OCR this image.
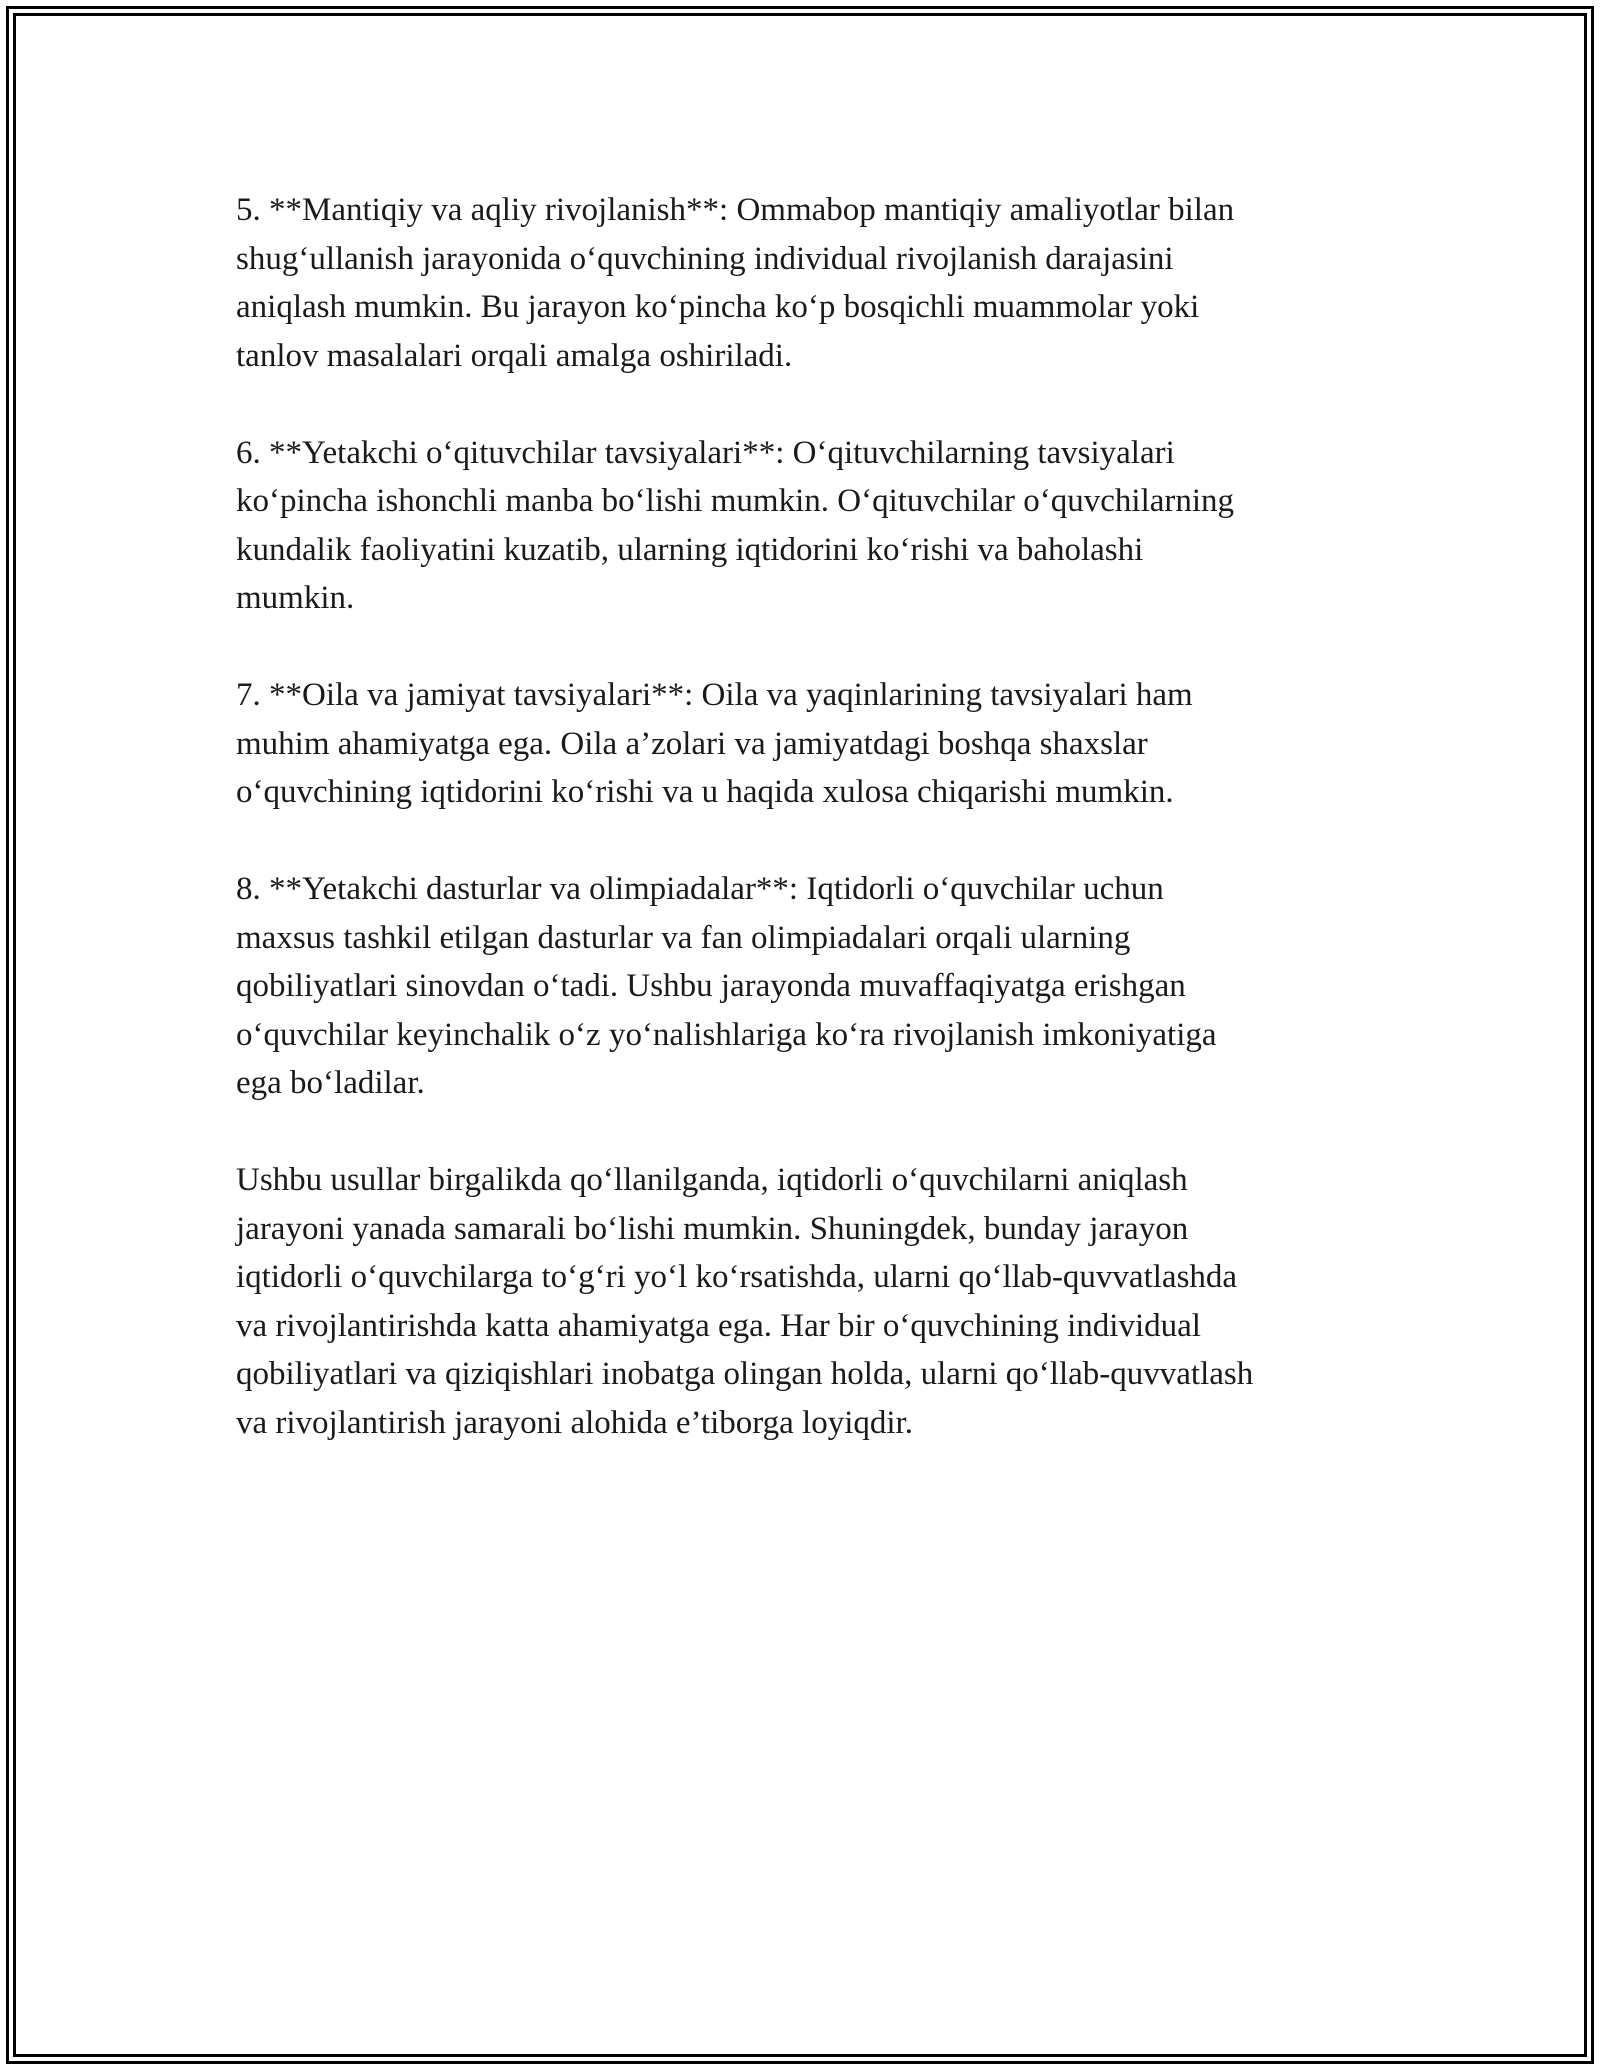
5. **Mantiqiy va aqliy rivojlanish**: Ommabop mantiqiy amaliyotlar bilan
shug‘ullanish jarayonida o‘quvchining individual rivojlanish darajasini
aniqlash mumkin. Bu jarayon ko‘pincha ko‘p bosqichli muammolar yoki
tanlov masalalari orqali amalga oshiriladi.

6. **Yetakchi o‘qituvchilar tavsiyalari**: O‘qituvchilarning tavsiyalari
ko‘pincha ishonchli manba bo‘lishi mumkin. O‘qituvchilar o‘quvchilarning
kundalik faoliyatini kuzatib, ularning iqtidorini ko‘rishi va baholashi
mumkin.

7. **Oila va jamiyat tavsiyalari**: Oila va yaqinlarining tavsiyalari ham
muhim ahamiyatga ega. Oila a’zolari va jamiyatdagi boshqa shaxslar
o‘quvchining iqtidorini ko‘rishi va u haqida xulosa chiqarishi mumkin.

8. **Yetakchi dasturlar va olimpiadalar**: Iqtidorli o‘quvchilar uchun
maxsus tashkil etilgan dasturlar va fan olimpiadalari orqali ularning
qobiliyatlari sinovdan o‘tadi. Ushbu jarayonda muvaffaqiyatga erishgan
o‘quvchilar keyinchalik o‘z yo‘nalishlariga ko‘ra rivojlanish imkoniyatiga
ega bo‘ladilar.

Ushbu usullar birgalikda qo‘llanilganda, iqtidorli o‘quvchilarni aniqlash
jarayoni yanada samarali bo‘lishi mumkin. Shuningdek, bunday jarayon
iqtidorli o‘quvchilarga to‘g‘ri yo‘l ko‘rsatishda, ularni qo‘llab-quvvatlashda
va rivojlantirishda katta ahamiyatga ega. Har bir o‘quvchining individual
qobiliyatlari va qiziqishlari inobatga olingan holda, ularni qo‘llab-quvvatlash
va rivojlantirish jarayoni alohida e’tiborga loyiqdir.
